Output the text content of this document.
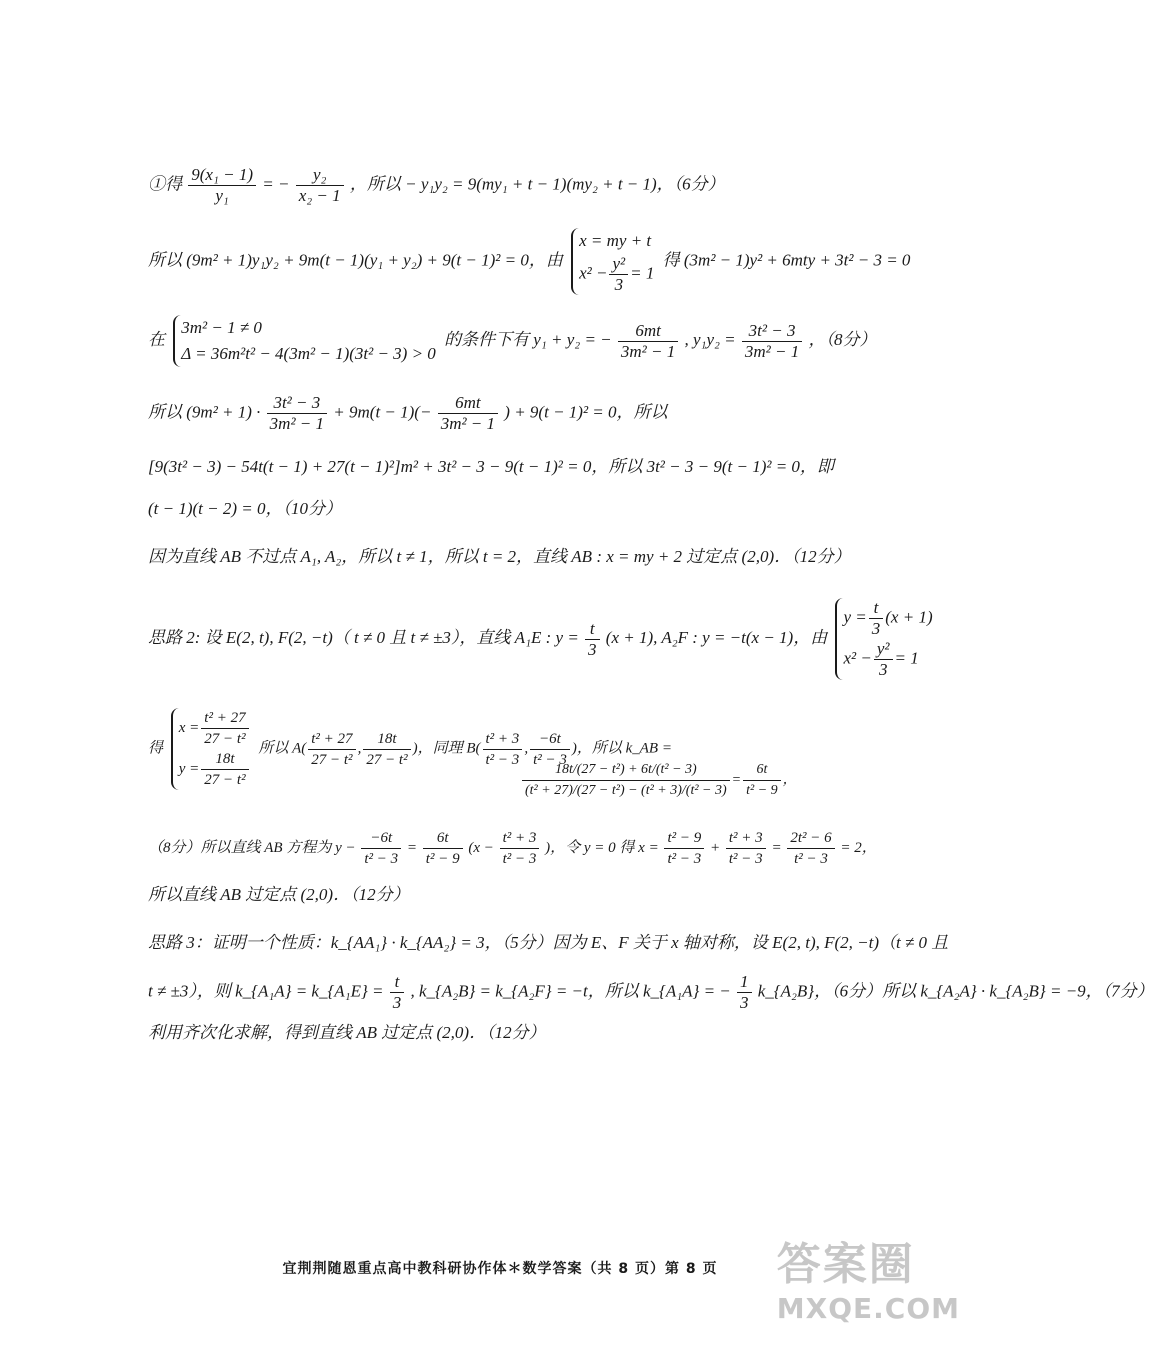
①得 $\frac{\text{9(x₁ − 1)}}{\text{y₁}}$ = − $\frac{\text{y₂}}{\text{x₂ − 1}}$ ，所以 − y₁y₂ = 9(my₁ + t − 1)(my₂ + t − 1)，（6分）
所以 (9m² + 1)y₁y₂ + 9m(t − 1)(y₁ + y₂) + 9(t − 1)² = 0，由
x = my + t
$x^2 - \frac{\text{y²}}{3} = 1$
得 (3m² − 1)y² + 6mty + 3t² − 3 = 0
在
3m² − 1 ≠ 0
Δ = 36m²t² − 4(3m² − 1)(3t² − 3) > 0
的条件下有 y₁ + y₂ = − $\frac{6mt}{\text{3m² − 1}}$ , $y_1y_2 = \frac{\text{3t² − 3}}{\text{3m² − 1}}$ ，（8分）
所以 $(9m^2 + 1) \cdot \frac{\text{3t² − 3}}{\text{3m² − 1}} + 9m(t - 1)(- \frac{6mt}{\text{3m² − 1}}$ ) + 9(t − 1)² = 0，所以
[9(3t² − 3) − 54t(t − 1) + 27(t − 1)²]m² + 3t² − 3 − 9(t − 1)² = 0，所以 3t² − 3 − 9(t − 1)² = 0，即
(t − 1)(t − 2) = 0，（10分）
因为直线 AB 不过点 A₁, A₂，所以 t ≠ 1，所以 t = 2，直线 AB : x = my + 2 过定点 (2,0)．（12分）
思路 2: 设 E(2, t), F(2, −t)（ t ≠ 0 且 t ≠ ±3），直线 A₁E : $y = \frac{t}{3} (x + 1)$, A₂F : y = −t(x − 1)，由
$y = \frac{t}{3} (x + 1)$
$x^2 - \frac{\text{y²}}{3} = 1$
得
$x = \frac{\text{t² + 27}}{\text{27 − t²}}$
$y = \frac{18t}{\text{27 − t²}}$
所以 $A( \frac{\text{t² + 27}}{\text{27 − t²}}$ , $\frac{18t}{\text{27 − t²}}$ )，同理 $B( \frac{\text{t² + 3}}{\text{t² − 3}}$ , $\frac{-6t}{\text{t² − 3}}$ )，所以 k_AB =
$\frac{\text{18t/(27 − t²) + 6t/(t² − 3)}}{\text{(t² + 27)/(27 − t²) − (t² + 3)/(t² − 3)}} = \frac{6t}{\text{t² − 9}}$ ，
（8分）所以直线 AB 方程为 $y - \frac{-6t}{\text{t² − 3}} = \frac{6t}{\text{t² − 9}} (x - \frac{\text{t² + 3}}{\text{t² − 3}}$ )，令 y = 0 得 $x = \frac{\text{t² − 9}}{\text{t² − 3}} + \frac{\text{t² + 3}}{\text{t² − 3}} = \frac{\text{2t² − 6}}{\text{t² − 3}} = 2$，
所以直线 AB 过定点 (2,0)．（12分）
思路 3：证明一个性质：k_{AA₁} · k_{AA₂} = 3，（5分）因为 E、F 关于 x 轴对称，设 E(2, t), F(2, −t)（t ≠ 0 且
t ≠ ±3），则 k_{A₁A} = k_{A₁E} = $\frac{t}{3}$ , k_{A₂B} = k_{A₂F} = −t，所以 k_{A₁A} = − $\frac{1}{3}$ k_{A₂B}，（6分）所以 k_{A₂A} · k_{A₂B} = −9，（7分）
利用齐次化求解，得到直线 AB 过定点 (2,0)．（12分）
宜荆荆随恩重点高中教科研协作体＊数学答案（共 8 页）第 8 页	答案圈
MXQE.COM
